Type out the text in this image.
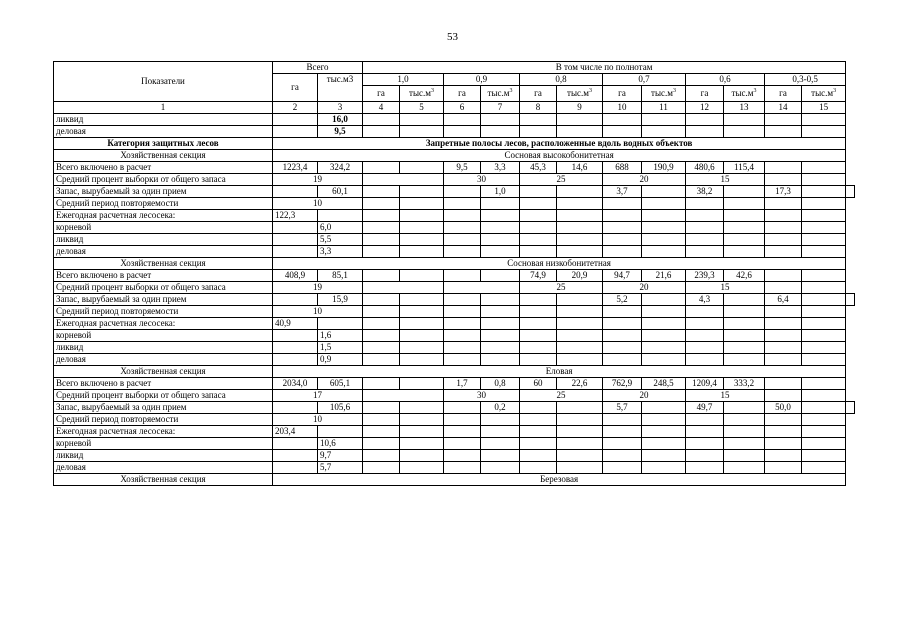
53
Показатели	Всего		В том числе по полнотам												
	га	тыс.м3	1,0		0,9		0,8		0,7		0,6		0,3-0,5		
			га	$тыс.м^3$	га	$тыс.м^3$	га	$тыс.м^3$	га	$тыс.м^3$	га	$тыс.м^3$	га	$тыс.м^3$
1	2	3	4	5	6	7	8	9	10	11	12	13	14	15	
ликвид		16,0													
деловая		9,5													
Категория защитных лесов	Запретные полосы лесов, расположенные вдоль водных объектов														
Хозяйственная секция	Сосновая высокобонитетная														
Всего включено в расчет	1223,4	324,2			9,5	3,3	45,3	14,6	688	190,9	480,6	115,4			
Средний процент выборки от общего запаса	19				30		25		20		15				
Запас, вырубаемый за один прием		60,1				1,0			3,7		38,2		17,3		
Средний период повторяемости	10														
Ежегодная расчетная лесосека:	122,3														
корневой		6,0													
ликвид		5,5													
деловая		3,3													
Хозяйственная секция	Сосновая низкобонитетная														
Всего включено в расчет	408,9	85,1					74,9	20,9	94,7	21,6	239,3	42,6			
Средний процент выборки от общего запаса	19						25		20		15				
Запас, вырубаемый за один прием		15,9							5,2		4,3		6,4		
Средний период повторяемости	10														
Ежегодная расчетная лесосека:	40,9														
корневой		1,6													
ликвид		1,5													
деловая		0,9													
Хозяйственная секция	Еловая														
Всего включено в расчет	2034,0	605,1			1,7	0,8	60	22,6	762,9	248,5	1209,4	333,2			
Средний процент выборки от общего запаса	17				30		25		20		15				
Запас, вырубаемый за один прием		105,6				0,2			5,7		49,7		50,0		
Средний период повторяемости	10														
Ежегодная расчетная лесосека:	203,4														
корневой		10,6													
ликвид		9,7													
деловая		5,7													
Хозяйственная секция	Березовая														
